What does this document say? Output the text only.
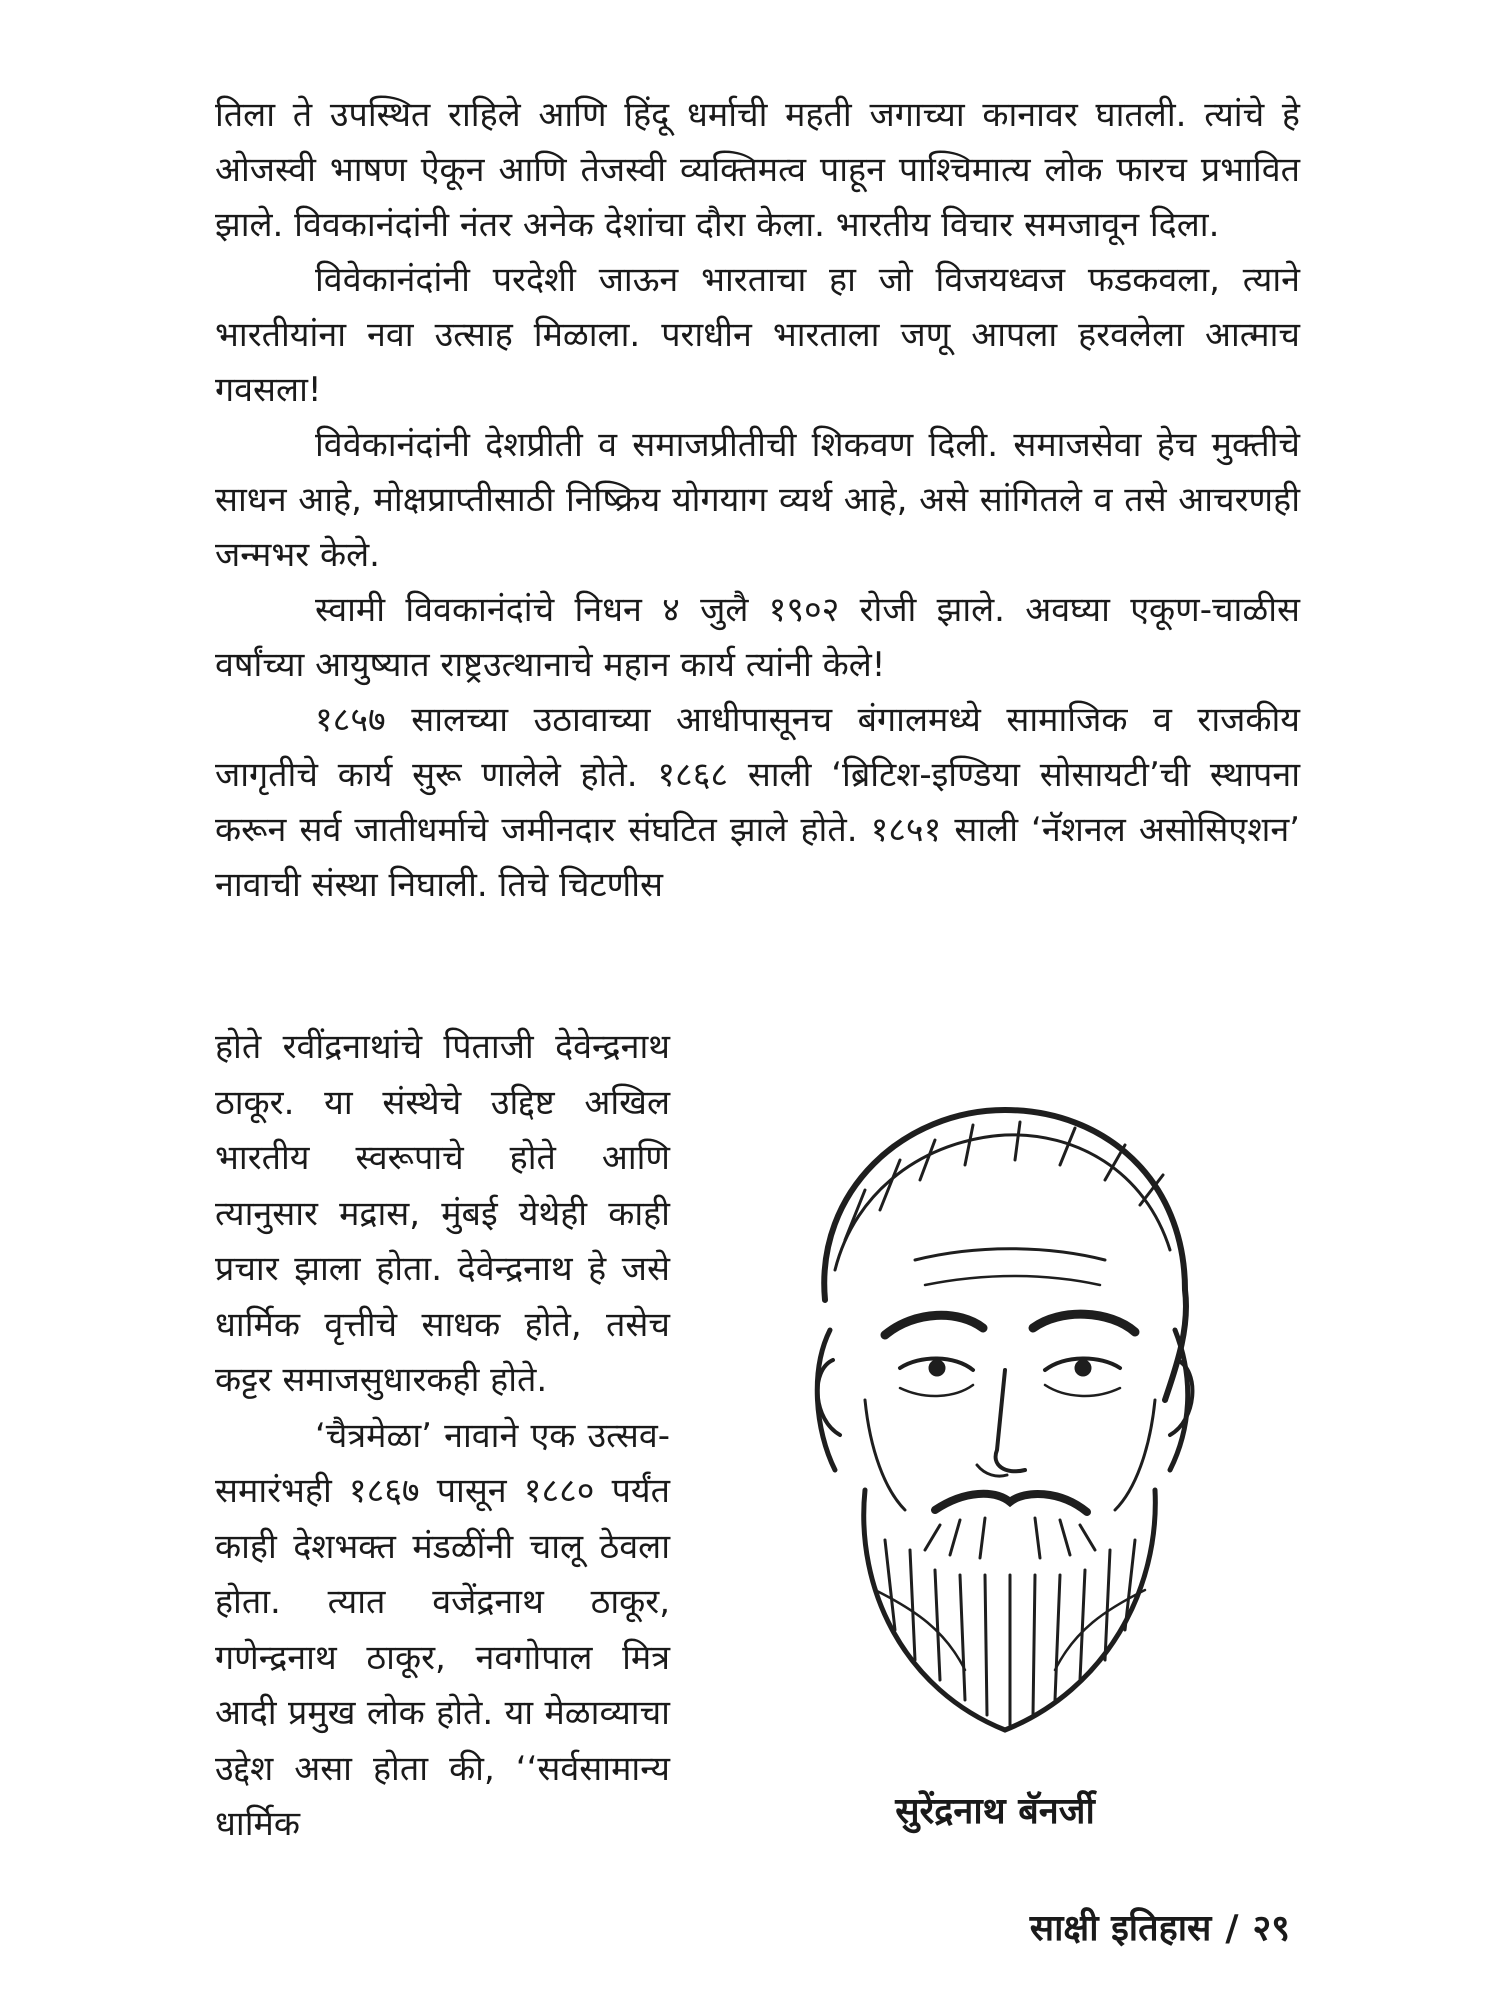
तिला ते उपस्थित राहिले आणि हिंदू धर्माची महती जगाच्या कानावर घातली. त्यांचे हे ओजस्वी भाषण ऐकून आणि तेजस्वी व्यक्तिमत्व पाहून पाश्चिमात्य लोक फारच प्रभावित झाले. विवकानंदांनी नंतर अनेक देशांचा दौरा केला. भारतीय विचार समजावून दिला.

विवेकानंदांनी परदेशी जाऊन भारताचा हा जो विजयध्वज फडकवला, त्याने भारतीयांना नवा उत्साह मिळाला. पराधीन भारताला जणू आपला हरवलेला आत्माच गवसला!

विवेकानंदांनी देशप्रीती व समाजप्रीतीची शिकवण दिली. समाजसेवा हेच मुक्तीचे साधन आहे, मोक्षप्राप्तीसाठी निष्क्रिय योगयाग व्यर्थ आहे, असे सांगितले व तसे आचरणही जन्मभर केले.

स्वामी विवकानंदांचे निधन ४ जुलै १९०२ रोजी झाले. अवघ्या एकूण-चाळीस वर्षांच्या आयुष्यात राष्ट्रउत्थानाचे महान कार्य त्यांनी केले!

१८५७ सालच्या उठावाच्या आधीपासूनच बंगालमध्ये सामाजिक व राजकीय जागृतीचे कार्य सुरू णालेले होते. १८६८ साली ‘ब्रिटिश-इण्डिया सोसायटी’ची स्थापना करून सर्व जातीधर्माचे जमीनदार संघटित झाले होते. १८५१ साली ‘नॅशनल असोसिएशन’ नावाची संस्था निघाली. तिचे चिटणीस

होते रवींद्रनाथांचे पिताजी देवेन्द्रनाथ ठाकूर. या संस्थेचे उद्दिष्ट अखिल भारतीय स्वरूपाचे होते आणि त्यानुसार मद्रास, मुंबई येथेही काही प्रचार झाला होता. देवेन्द्रनाथ हे जसे धार्मिक वृत्तीचे साधक होते, तसेच कट्टर समाजसुधारकही होते.

‘चैत्रमेळा’ नावाने एक उत्सव-समारंभही १८६७ पासून १८८० पर्यंत काही देशभक्त मंडळींनी चालू ठेवला होता. त्यात वजेंद्रनाथ ठाकूर, गणेन्द्रनाथ ठाकूर, नवगोपाल मित्र आदी प्रमुख लोक होते. या मेळाव्याचा उद्देश असा होता की, ‘‘सर्वसामान्य धार्मिक	सुरेंद्रनाथ बॅनर्जी
साक्षी इतिहास / २९
